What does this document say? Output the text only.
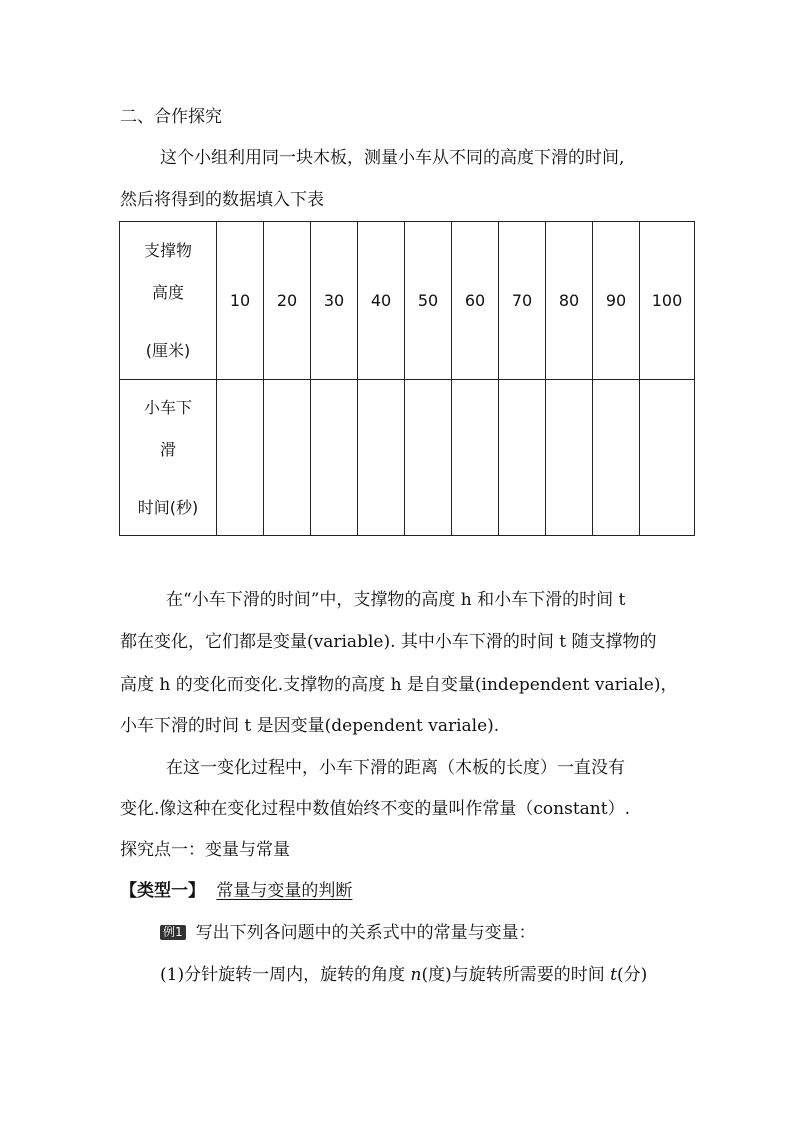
二、合作探究
这个小组利用同一块木板，测量小车从不同的高度下滑的时间,
然后将得到的数据填入下表
支撑物
高度
(厘米)	10	20	30	40	50	60	70	80	90	100

小车下
滑
时间(秒)										

在“小车下滑的时间”中，支撑物的高度 h 和小车下滑的时间 t
都在变化，它们都是变量(variable). 其中小车下滑的时间 t 随支撑物的
高度 h 的变化而变化.支撑物的高度 h 是自变量(independent variale)，
小车下滑的时间 t 是因变量(dependent variale).
在这一变化过程中，小车下滑的距离（木板的长度）一直没有
变化.像这种在变化过程中数值始终不变的量叫作常量（constant）.
探究点一：变量与常量
【类型一】 常量与变量的判断
例1 写出下列各问题中的关系式中的常量与变量：
(1)分针旋转一周内，旋转的角度 n(度)与旋转所需要的时间 t(分)
